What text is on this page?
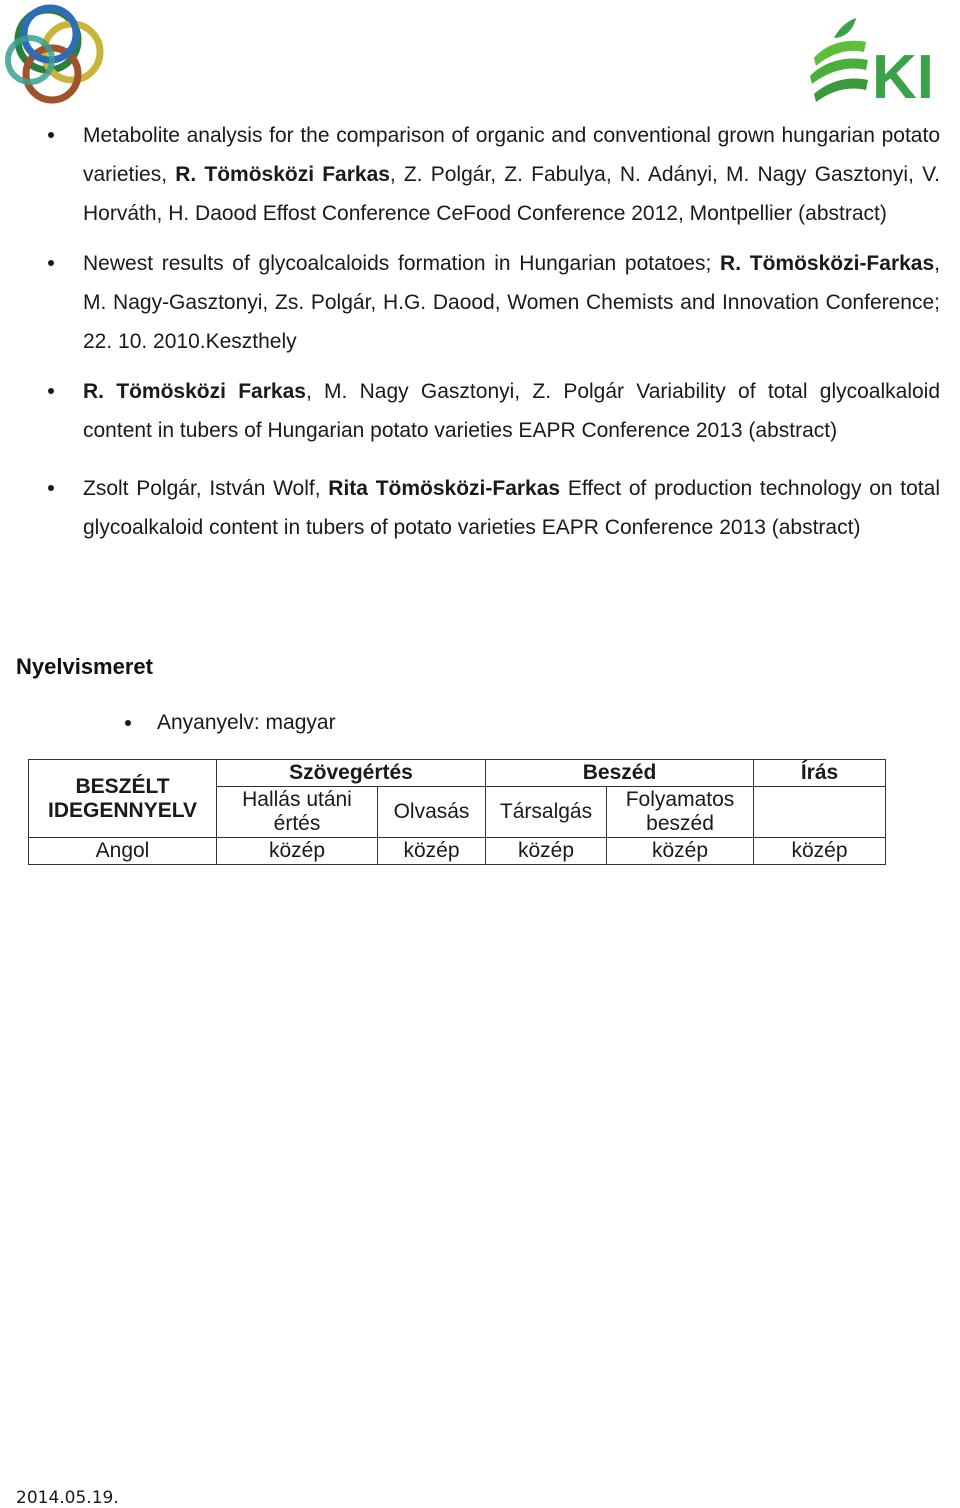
KI
Metabolite analysis for the comparison of organic and conventional grown hungarian potato varieties, R. Tömösközi Farkas, Z. Polgár, Z. Fabulya, N. Adányi, M. Nagy Gasztonyi, V. Horváth, H. Daood Effost Conference CeFood Conference 2012, Montpellier (abstract)
Newest results of glycoalcaloids formation in Hungarian potatoes; R. Tömösközi-Farkas, M. Nagy-Gasztonyi, Zs. Polgár, H.G. Daood, Women Chemists and Innovation Conference; 22. 10. 2010.Keszthely
R. Tömösközi Farkas, M. Nagy Gasztonyi, Z. Polgár Variability of total glycoalkaloid content in tubers of Hungarian potato varieties EAPR Conference 2013 (abstract)
Zsolt Polgár, István Wolf, Rita Tömösközi-Farkas Effect of production technology on total glycoalkaloid content in tubers of potato varieties EAPR Conference 2013 (abstract)
Nyelvismeret
Anyanyelv: magyar
BESZÉLT IDEGENNYELV	Szövegértés		Beszéd		Írás
	Hallás utáni értés	Olvasás	Társalgás	Folyamatos beszéd	
Angol	közép	közép	közép	közép	közép
2014.05.19.
